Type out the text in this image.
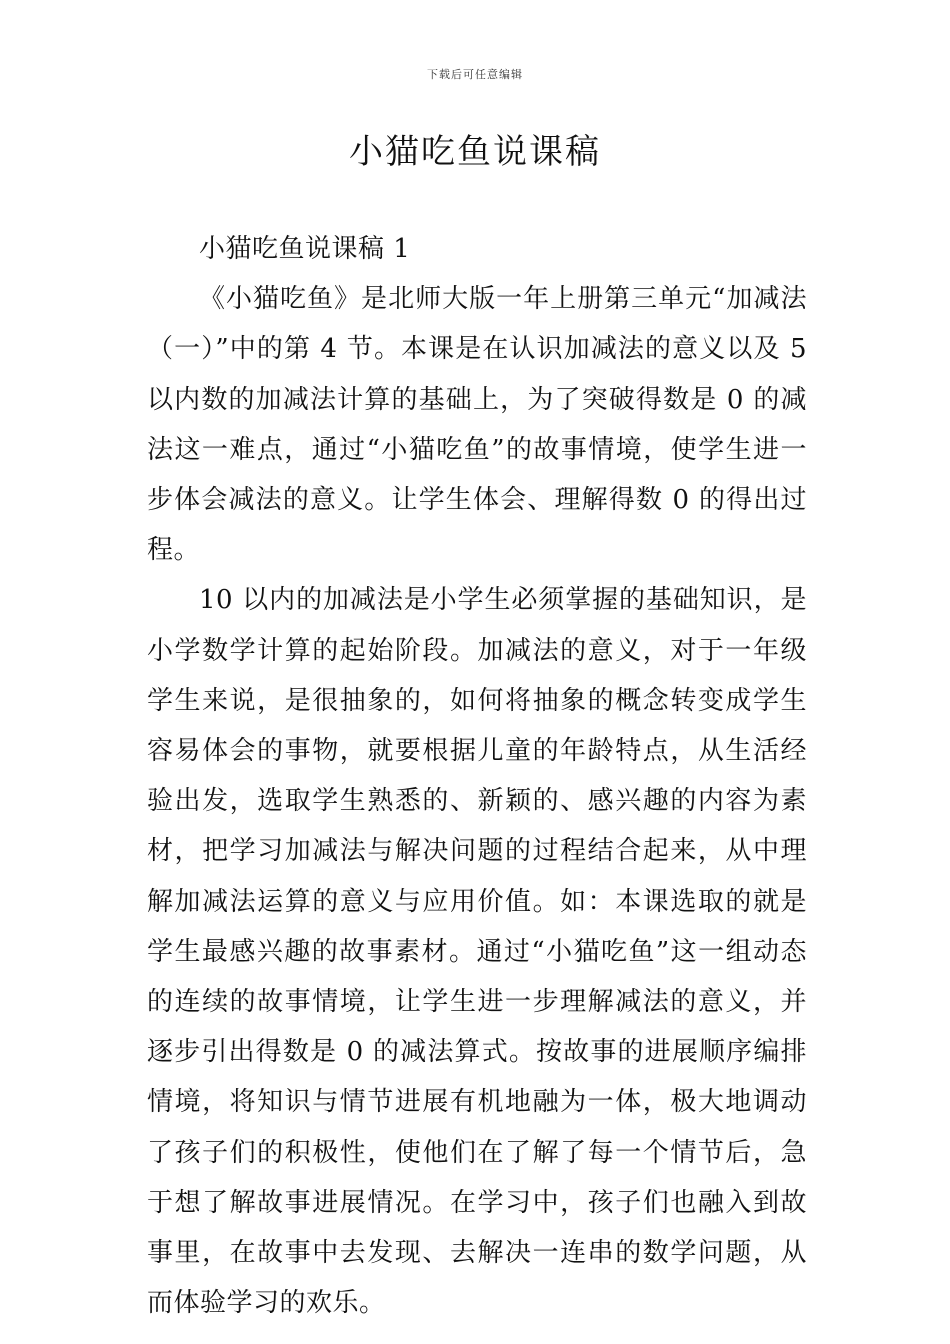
下载后可任意编辑
小猫吃鱼说课稿

小猫吃鱼说课稿 1

《小猫吃鱼》是北师大版一年上册第三单元“加减法（一）”中的第 4 节。本课是在认识加减法的意义以及 5 以内数的加减法计算的基础上，为了突破得数是 0 的减法这一难点，通过“小猫吃鱼”的故事情境，使学生进一步体会减法的意义。让学生体会、理解得数 0 的得出过程。

10 以内的加减法是小学生必须掌握的基础知识，是小学数学计算的起始阶段。加减法的意义，对于一年级学生来说，是很抽象的，如何将抽象的概念转变成学生容易体会的事物，就要根据儿童的年龄特点，从生活经验出发，选取学生熟悉的、新颖的、感兴趣的内容为素材，把学习加减法与解决问题的过程结合起来，从中理解加减法运算的意义与应用价值。如：本课选取的就是学生最感兴趣的故事素材。通过“小猫吃鱼”这一组动态的连续的故事情境，让学生进一步理解减法的意义，并逐步引出得数是 0 的减法算式。按故事的进展顺序编排情境，将知识与情节进展有机地融为一体，极大地调动了孩子们的积极性，使他们在了解了每一个情节后，急于想了解故事进展情况。在学习中，孩子们也融入到故事里，在故事中去发现、去解决一连串的数学问题，从而体验学习的欢乐。
